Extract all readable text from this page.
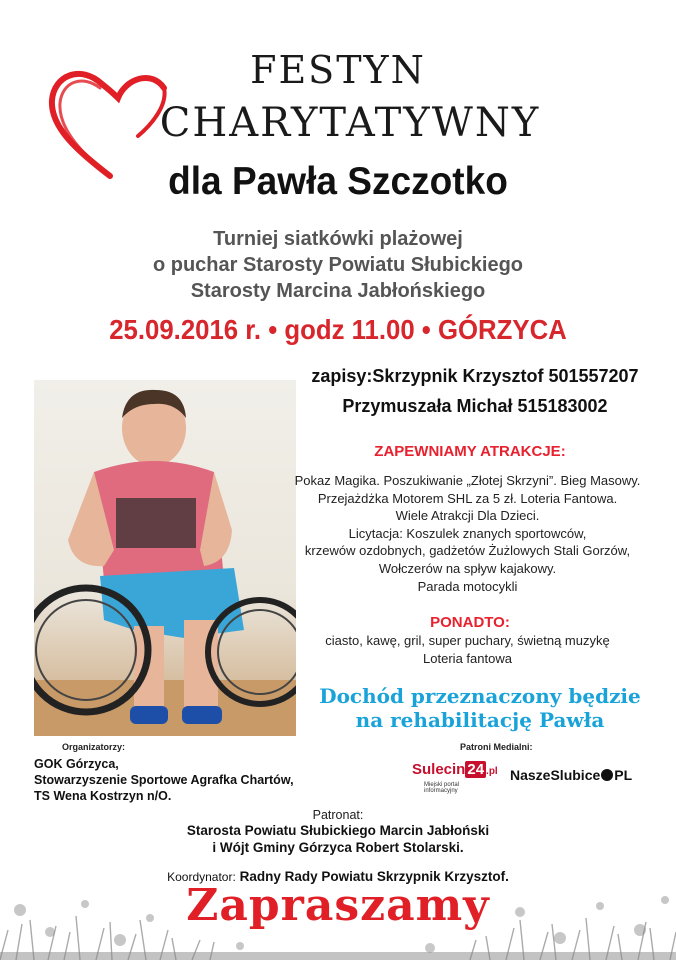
FESTYN
CHARYTATYWNY
dla Pawła Szczotko
Turniej siatkówki plażowej
o puchar Starosty Powiatu Słubickiego
Starosty Marcina Jabłońskiego
25.09.2016 r. • godz 11.00 • GÓRZYCA
zapisy:Skrzypnik Krzysztof 501557207
Przymuszała Michał 515183002
ZAPEWNIAMY ATRAKCJE:
Pokaz Magika. Poszukiwanie „Złotej Skrzyni”. Bieg Masowy.
Przejażdżka Motorem SHL za 5 zł. Loteria Fantowa.
Wiele Atrakcji Dla Dzieci.
Licytacja: Koszulek znanych sportowców,
krzewów ozdobnych, gadżetów Żużlowych Stali Gorzów,
Wołczerów na spływ kajakowy.
Parada motocykli
PONADTO:
ciasto, kawę, gril, super puchary, świetną muzykę
Loteria fantowa
Dochód przeznaczony będzie
na rehabilitację Pawła
Organizatorzy:
GOK Górzyca,
Stowarzyszenie Sportowe Agrafka Chartów,
TS Wena Kostrzyn n/O.
Patroni Medialni:
Sulecin 24 .pl
Miejski portal informacyjny
NaszeSlubice PL
Patronat:
Starosta Powiatu Słubickiego Marcin Jabłoński
i Wójt Gminy Górzyca Robert Stolarski.
Koordynator: Radny Rady Powiatu Skrzypnik Krzysztof.
Zapraszamy
